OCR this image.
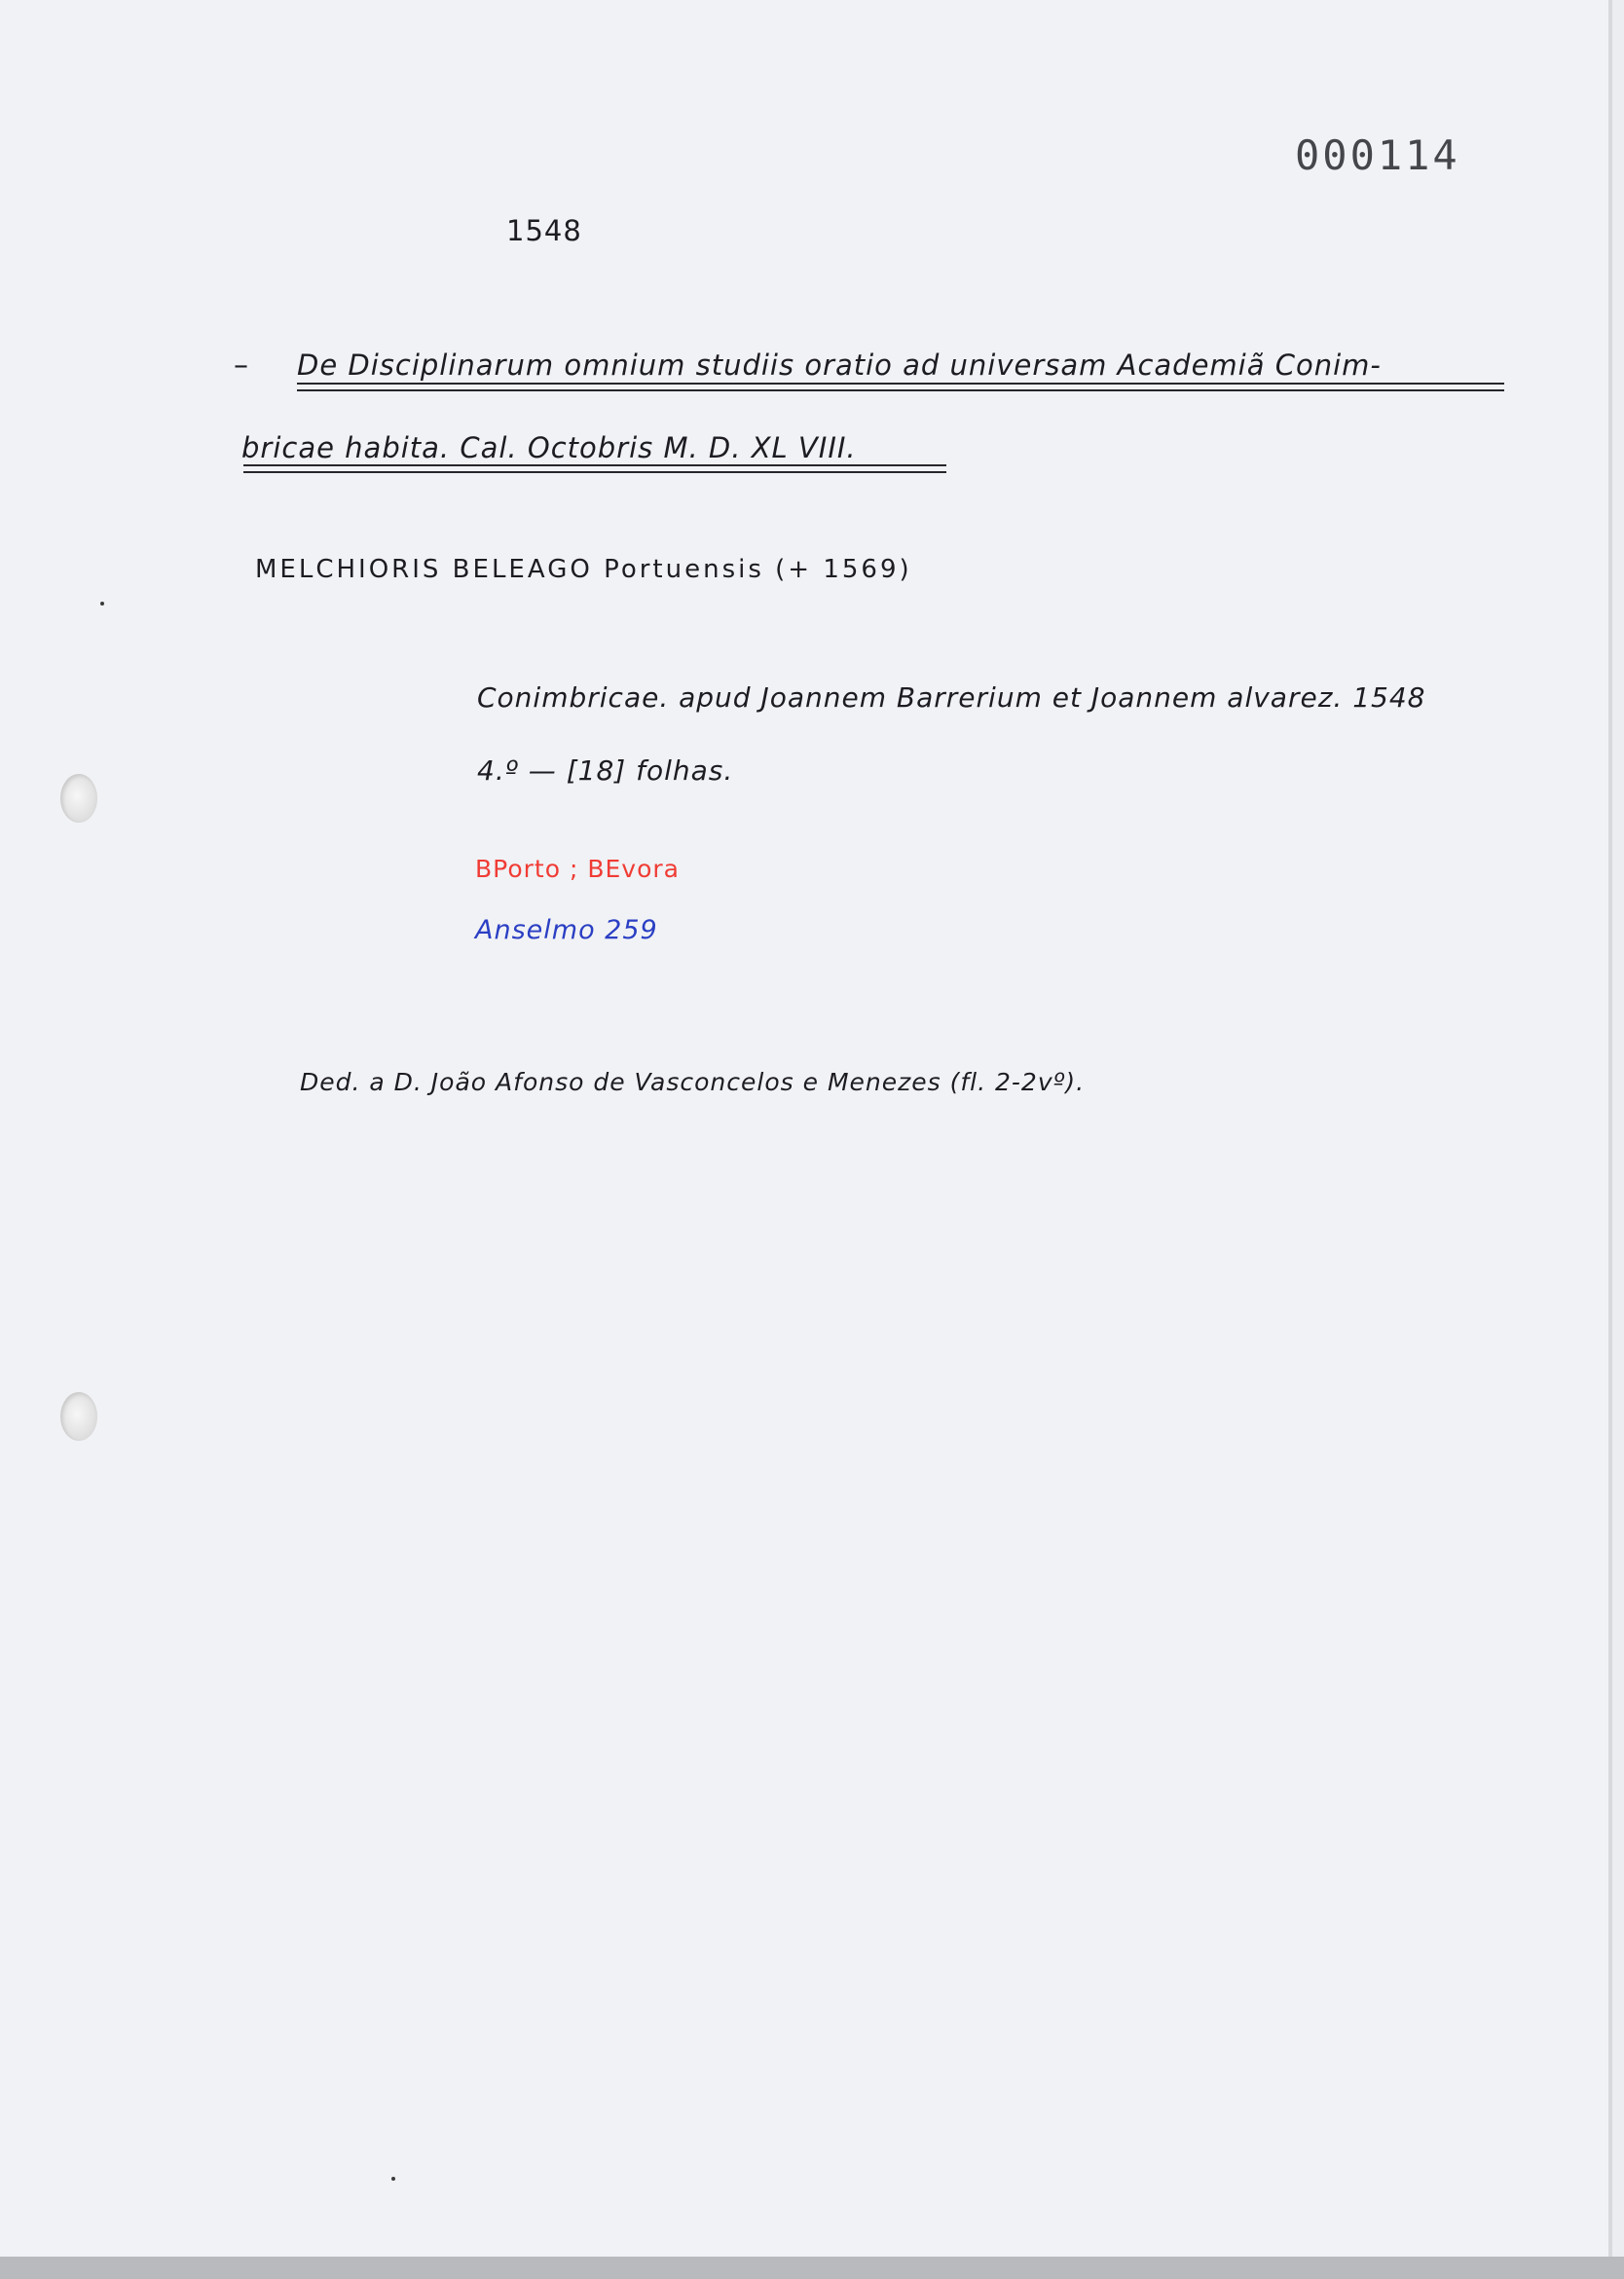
000114
1548
– De Disciplinarum omnium studiis oratio ad universam Academiã Conim-
bricae habita. Cal. Octobris M. D. XL VIII.
MELCHIORIS BELEAGO Portuensis (+ 1569)
Conimbricae. apud Joannem Barrerium et Joannem alvarez. 1548
4.º — [18] folhas.
BPorto ; BEvora
Anselmo 259
Ded. a D. João Afonso de Vasconcelos e Menezes (fl. 2-2vº).
